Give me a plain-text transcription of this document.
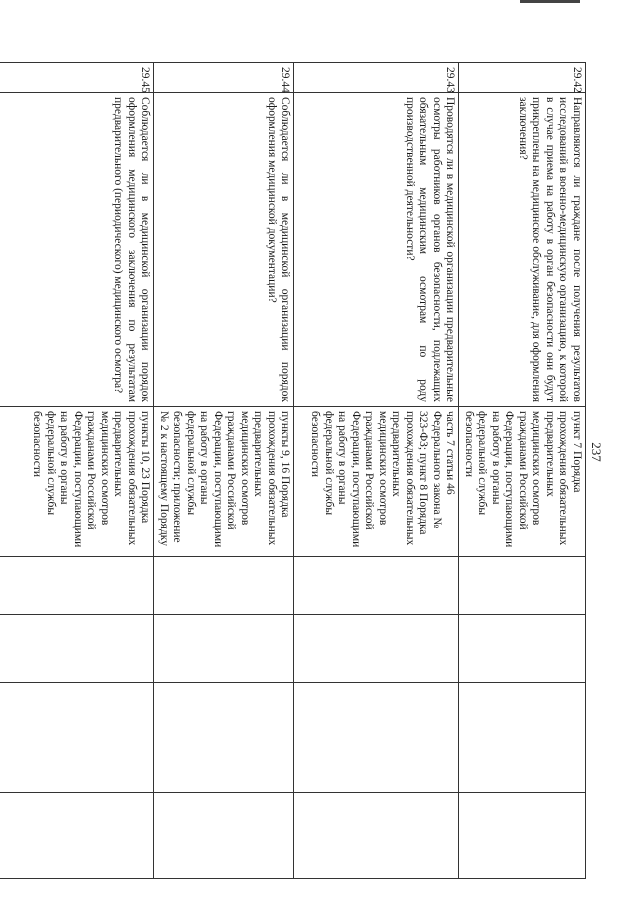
237
29.42	Направляются ли граждане после получения результатов исследований в военно-медицинскую организацию, к которой в случае приема на работу в орган безопасности они будут прикреплены на медицинское обслуживание, для оформления заключения?	пункт 7 Порядка прохождения обязательных предварительных медицинских осмотров гражданами Российской Федерации, поступающими на работу в органы федеральной службы безопасности				
29.43	Проводятся ли в медицинской организации предварительные осмотры работников органов безопасности, подлежащих обязательным медицинским осмотрам по роду производственной деятельности?	часть 7 статьи 46 Федерального закона № 323-ФЗ; пункт 8 Порядка прохождения обязательных предварительных медицинских осмотров гражданами Российской Федерации, поступающими на работу в органы федеральной службы безопасности				
29.44	Соблюдается ли в медицинской организации порядок оформления медицинской документации?	пункты 9, 16 Порядка прохождения обязательных предварительных медицинских осмотров гражданами Российской Федерации, поступающими на работу в органы федеральной службы безопасности; приложение № 2 к настоящему Порядку				
29.45	Соблюдается ли в медицинской организации порядок оформления медицинского заключения по результатам предварительного (периодического) медицинского осмотра?	пункты 10, 23 Порядка прохождения обязательных предварительных медицинских осмотров гражданами Российской Федерации, поступающими на работу в органы федеральной службы безопасности				
